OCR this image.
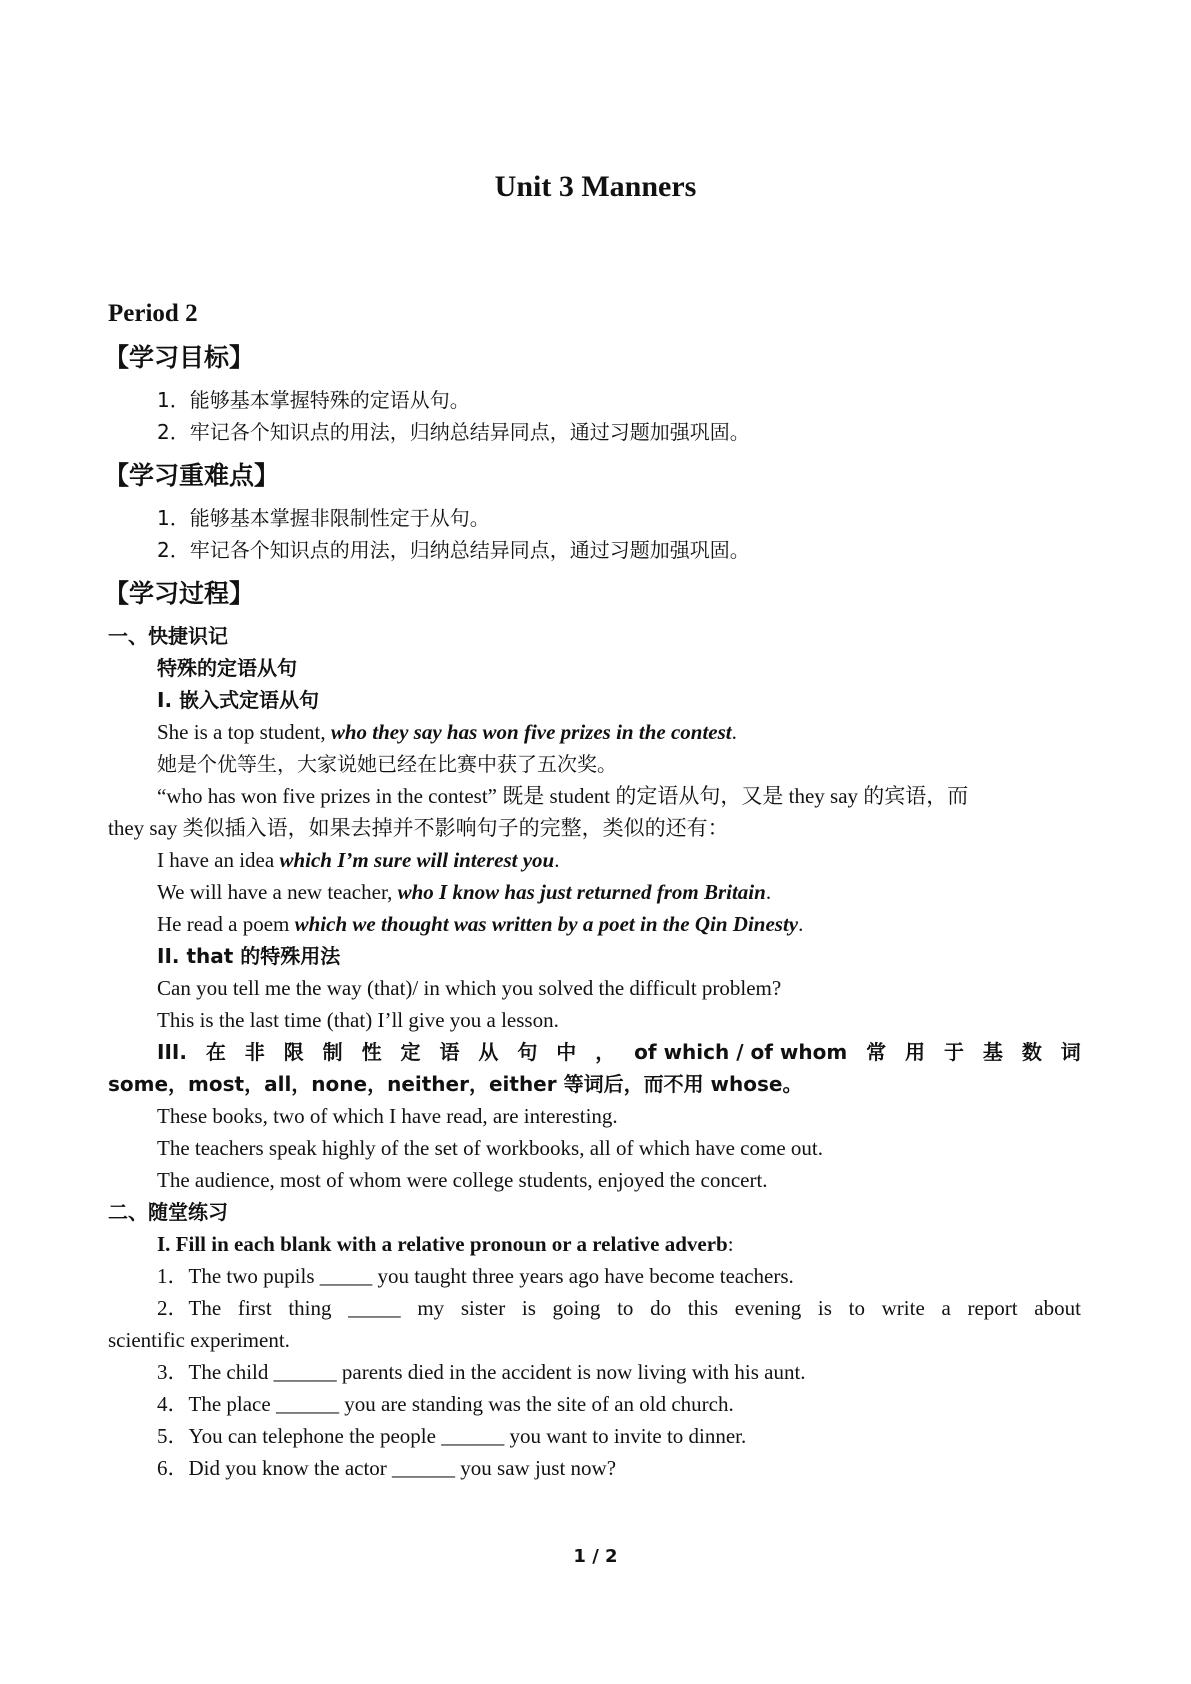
Unit 3 Manners
Period 2
【学习目标】
1．能够基本掌握特殊的定语从句。
2．牢记各个知识点的用法，归纳总结异同点，通过习题加强巩固。
【学习重难点】
1．能够基本掌握非限制性定于从句。
2．牢记各个知识点的用法，归纳总结异同点，通过习题加强巩固。
【学习过程】
一、快捷识记
特殊的定语从句
I. 嵌入式定语从句
She is a top student, who they say has won five prizes in the contest.
她是个优等生，大家说她已经在比赛中获了五次奖。
“who has won five prizes in the contest” 既是 student 的定语从句，又是 they say 的宾语，而
they say 类似插入语，如果去掉并不影响句子的完整，类似的还有：
I have an idea which I’m sure will interest you.
We will have a new teacher, who I know has just returned from Britain.
He read a poem which we thought was written by a poet in the Qin Dinesty.
II. that 的特殊用法
Can you tell me the way (that)/ in which you solved the difficult problem?
This is the last time (that) I’ll give you a lesson.
III. 在 非 限 制 性 定 语 从 句 中 ， of which / of whom 常 用 于 基 数 词
some，most，all，none，neither，either 等词后，而不用 whose。
These books, two of which I have read, are interesting.
The teachers speak highly of the set of workbooks, all of which have come out.
The audience, most of whom were college students, enjoyed the concert.
二、随堂练习
I. Fill in each blank with a relative pronoun or a relative adverb:
1．The two pupils _____ you taught three years ago have become teachers.
2．The first thing _____ my sister is going to do this evening is to write a report about
scientific experiment.
3．The child ______ parents died in the accident is now living with his aunt.
4．The place ______ you are standing was the site of an old church.
5．You can telephone the people ______ you want to invite to dinner.
6．Did you know the actor ______ you saw just now?
1 / 2
